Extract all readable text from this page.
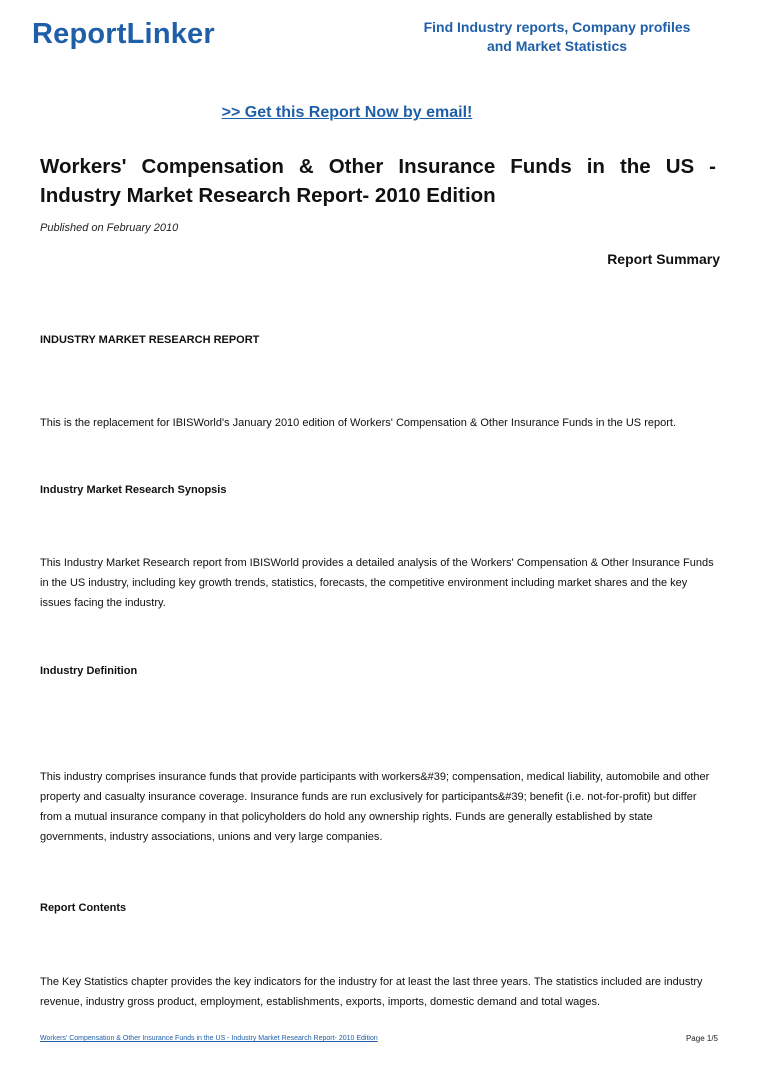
ReportLinker	Find Industry reports, Company profiles
and Market Statistics
>> Get this Report Now by email!
Workers' Compensation & Other Insurance Funds in the US - Industry Market Research Report- 2010 Edition
Published on February 2010
Report Summary
INDUSTRY MARKET RESEARCH REPORT

This is the replacement for IBISWorld's January 2010 edition of Workers' Compensation & Other Insurance Funds in the US report.

Industry Market Research Synopsis

This Industry Market Research report from IBISWorld provides a detailed analysis of the Workers' Compensation & Other Insurance Funds in the US industry, including key growth trends, statistics, forecasts, the competitive environment including market shares and the key issues facing the industry.

Industry Definition

This industry comprises insurance funds that provide participants with workers&#39; compensation, medical liability, automobile and other property and casualty insurance coverage. Insurance funds are run exclusively for participants&#39; benefit (i.e. not-for-profit) but differ from a mutual insurance company in that policyholders do hold any ownership rights. Funds are generally established by state governments, industry associations, unions and very large companies.

Report Contents

The Key Statistics chapter provides the key indicators for the industry for at least the last three years. The statistics included are industry revenue, industry gross product, employment, establishments, exports, imports, domestic demand and total wages.

Workers' Compensation & Other Insurance Funds in the US - Industry Market Research Report- 2010 Edition	Page 1/5
